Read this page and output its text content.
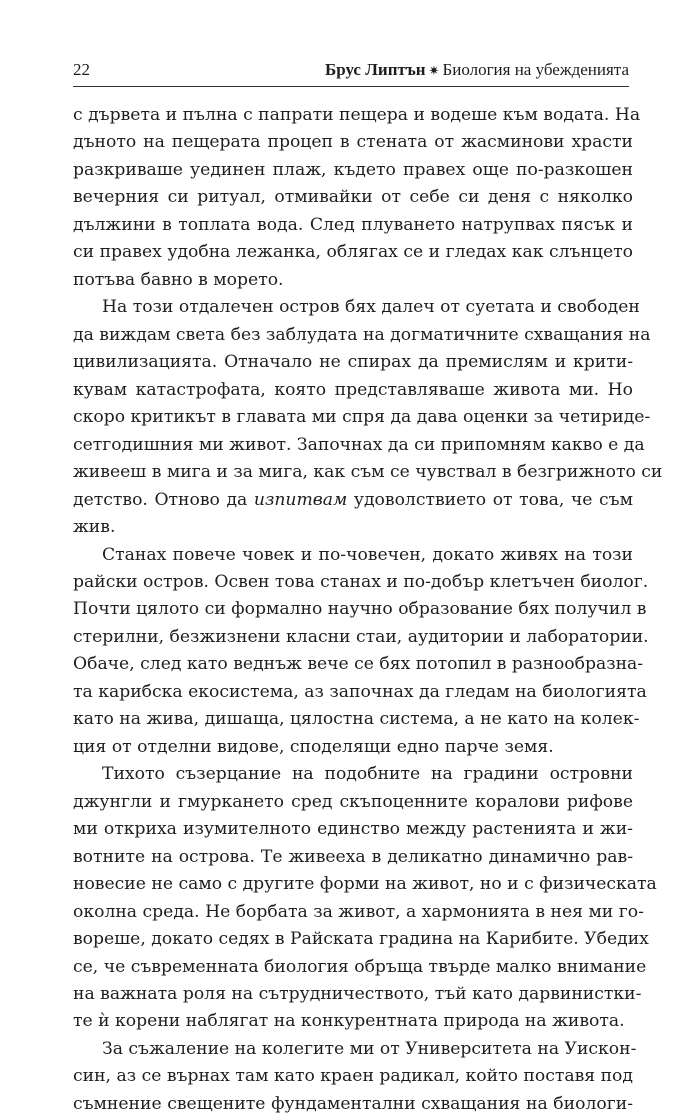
22	Брус Липтън ✷ Биология на убежденията
с дървета и пълна с папрати пещера и водеше към водата. На
дъното на пещерата процеп в стената от жасминови храсти
разкриваше уединен плаж, където правех още по-разкошен
вечерния си ритуал, отмивайки от себе си деня с няколко
дължини в топлата вода. След плуването натрупвах пясък и
си правех удобна лежанка, облягах се и гледах как слънцето
потъва бавно в морето.
На този отдалечен остров бях далеч от суетата и свободен
да виждам света без заблудата на догматичните схващания на
цивилизацията. Отначало не спирах да премислям и крити-
кувам катастрофата, която представляваше живота ми. Но
скоро критикът в главата ми спря да дава оценки за четириде-
сетгодишния ми живот. Започнах да си припомням какво е да
живееш в мига и за мига, как съм се чувствал в безгрижното си
детство. Отново да изпитвам удоволствието от това, че съм
жив.
Станах повече човек и по-човечен, докато живях на този
райски остров. Освен това станах и по-добър клетъчен биолог.
Почти цялото си формално научно образование бях получил в
стерилни, безжизнени класни стаи, аудитории и лаборатории.
Обаче, след като веднъж вече се бях потопил в разнообразна-
та карибска екосистема, аз започнах да гледам на биологията
като на жива, дишаща, цялостна система, а не като на колек-
ция от отделни видове, споделящи едно парче земя.
Тихото съзерцание на подобните на градини островни
джунгли и гмуркането сред скъпоценните коралови рифове
ми откриха изумителното единство между растенията и жи-
вотните на острова. Те живееха в деликатно динамично рав-
новесие не само с другите форми на живот, но и с физическата
околна среда. Не борбата за живот, а хармонията в нея ми го-
вореше, докато седях в Райската градина на Карибите. Убедих
се, че съвременната биология обръща твърде малко внимание
на важната роля на сътрудничеството, тъй като дарвинистки-
те ѝ корени наблягат на конкурентната природа на живота.
За съжаление на колегите ми от Университета на Уискон-
син, аз се върнах там като краен радикал, който поставя под
съмнение свещените фундаментални схващания на биологи-
